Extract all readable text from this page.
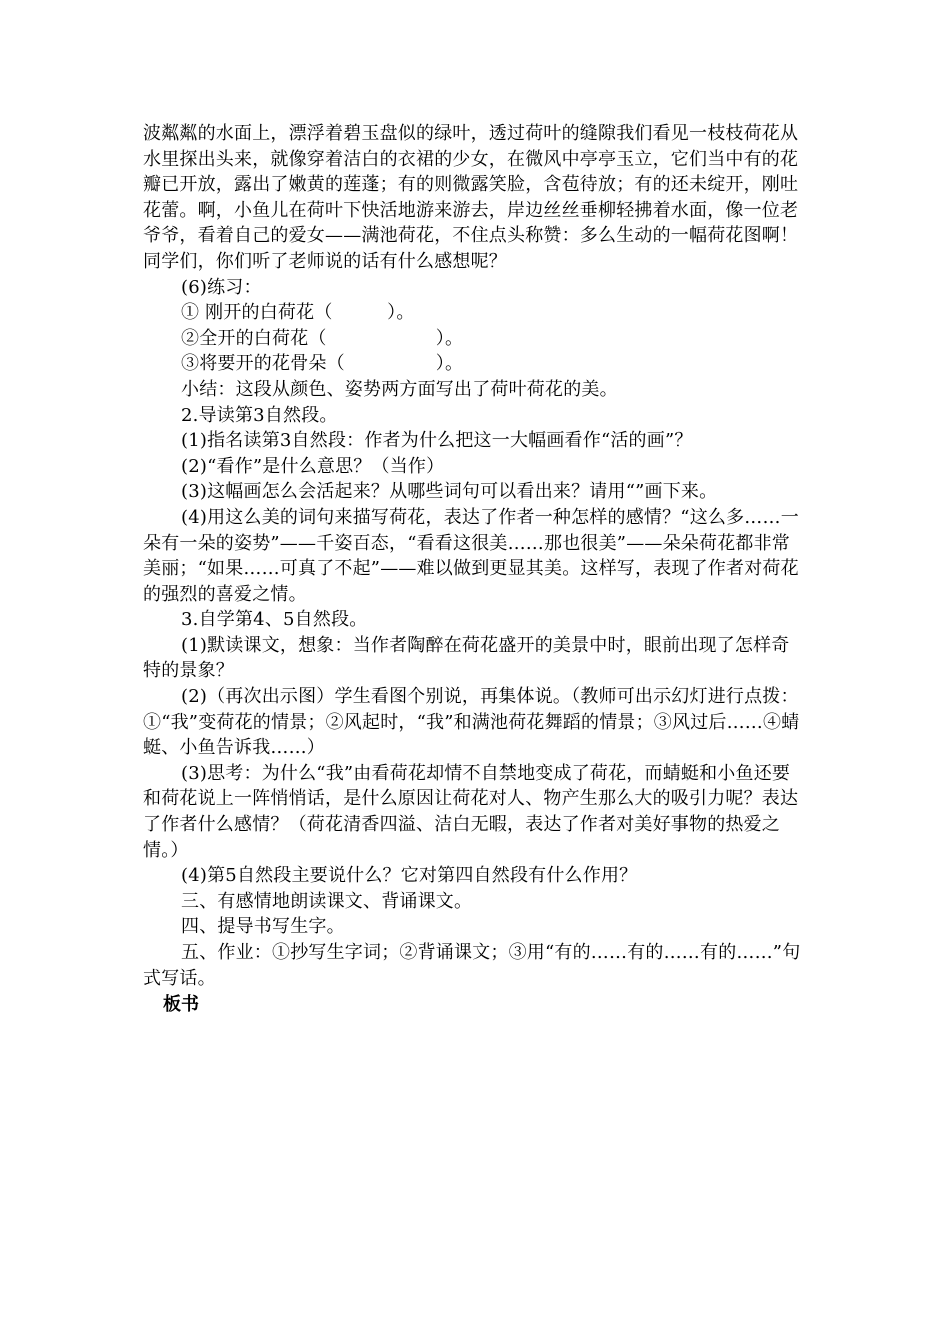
波粼粼的水面上，漂浮着碧玉盘似的绿叶，透过荷叶的缝隙我们看见一枝枝荷花从水里探出头来，就像穿着洁白的衣裙的少女，在微风中亭亭玉立，它们当中有的花瓣已开放，露出了嫩黄的莲蓬；有的则微露笑脸，含苞待放；有的还未绽开，刚吐花蕾。啊，小鱼儿在荷叶下快活地游来游去，岸边丝丝垂柳轻拂着水面，像一位老爷爷，看着自己的爱女——满池荷花，不住点头称赞：多么生动的一幅荷花图啊！同学们，你们听了老师说的话有什么感想呢？

(6)练习：

① 刚开的白荷花（　　　）。

②全开的白荷花（　　　　　　）。

③将要开的花骨朵（　　　　　）。

小结：这段从颜色、姿势两方面写出了荷叶荷花的美。

2.导读第3自然段。

(1)指名读第3自然段：作者为什么把这一大幅画看作“活的画”？

(2)“看作”是什么意思？（当作）

(3)这幅画怎么会活起来？从哪些词句可以看出来？请用“”画下来。

(4)用这么美的词句来描写荷花，表达了作者一种怎样的感情？“这么多……一朵有一朵的姿势”——千姿百态，“看看这很美……那也很美”——朵朵荷花都非常美丽；“如果……可真了不起”——难以做到更显其美。这样写，表现了作者对荷花的强烈的喜爱之情。

3.自学第4、5自然段。

(1)默读课文，想象：当作者陶醉在荷花盛开的美景中时，眼前出现了怎样奇特的景象？

(2)（再次出示图）学生看图个别说，再集体说。（教师可出示幻灯进行点拨：①“我”变荷花的情景；②风起时，“我”和满池荷花舞蹈的情景；③风过后……④蜻蜓、小鱼告诉我……）

(3)思考：为什么“我”由看荷花却情不自禁地变成了荷花，而蜻蜓和小鱼还要和荷花说上一阵悄悄话，是什么原因让荷花对人、物产生那么大的吸引力呢？表达了作者什么感情？（荷花清香四溢、洁白无暇，表达了作者对美好事物的热爱之情。）

(4)第5自然段主要说什么？它对第四自然段有什么作用？

三、有感情地朗读课文、背诵课文。

四、提导书写生字。

五、作业：①抄写生字词；②背诵课文；③用“有的……有的……有的……”句式写话。

板书
